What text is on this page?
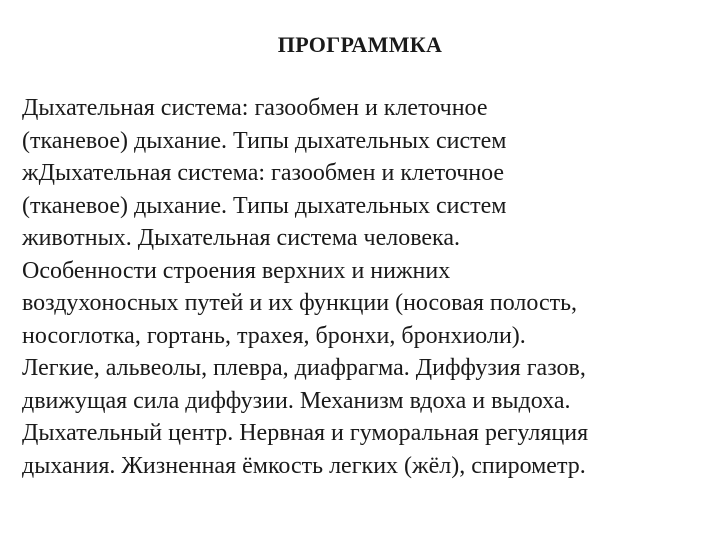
ПРОГРАММКА
Дыхательная система: газообмен и клеточное
(тканевое) дыхание. Типы дыхательных систем
жДыхательная система: газообмен и клеточное
(тканевое) дыхание. Типы дыхательных систем
животных. Дыхательная система человека.
Особенности строения верхних и нижних
воздухоносных путей и их функции (носовая полость,
носоглотка, гортань, трахея, бронхи, бронхиоли).
Легкие, альвеолы, плевра, диафрагма. Диффузия газов,
движущая сила диффузии. Механизм вдоха и выдоха.
Дыхательный центр. Нервная и гуморальная регуляция
дыхания. Жизненная ёмкость легких (жёл), спирометр.
